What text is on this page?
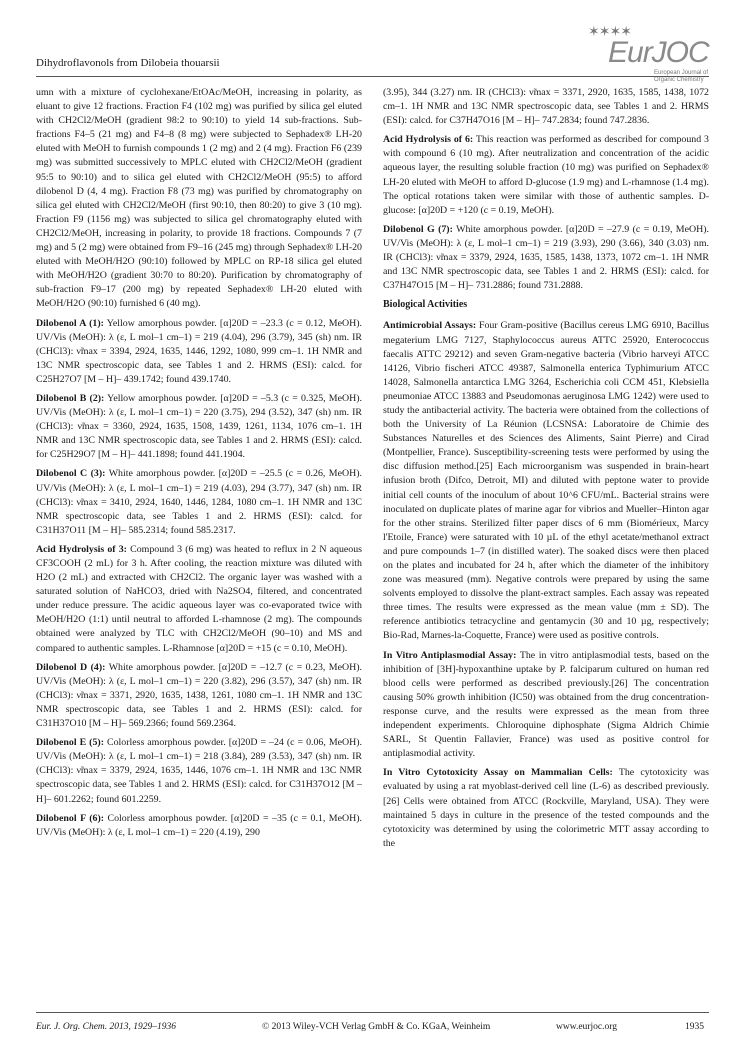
Dihydroflavonols from Dilobeia thouarsii
✶✶✶✶
EurJOC
European Journal of Organic Chemistry

umn with a mixture of cyclohexane/EtOAc/MeOH, increasing in polarity, as eluant to give 12 fractions. Fraction F4 (102 mg) was purified by silica gel eluted with CH2Cl2/MeOH (gradient 98:2 to 90:10) to yield 14 sub-fractions. Sub-fractions F4–5 (21 mg) and F4–8 (8 mg) were subjected to Sephadex® LH-20 eluted with MeOH to furnish compounds 1 (2 mg) and 2 (4 mg). Fraction F6 (239 mg) was submitted successively to MPLC eluted with CH2Cl2/MeOH (gradient 95:5 to 90:10) and to silica gel eluted with CH2Cl2/MeOH (95:5) to afford dilobenol D (4, 4 mg). Fraction F8 (73 mg) was purified by chromatography on silica gel eluted with CH2Cl2/MeOH (first 90:10, then 80:20) to give 3 (10 mg). Fraction F9 (1156 mg) was subjected to silica gel chromatography eluted with CH2Cl2/MeOH, increasing in polarity, to provide 18 fractions. Compounds 7 (7 mg) and 5 (2 mg) were obtained from F9–16 (245 mg) through Sephadex® LH-20 eluted with MeOH/H2O (90:10) followed by MPLC on RP-18 silica gel eluted with MeOH/H2O (gradient 30:70 to 80:20). Purification by chromatography of sub-fraction F9–17 (200 mg) by repeated Sephadex® LH-20 eluted with MeOH/H2O (90:10) furnished 6 (40 mg).

Dilobenol A (1): Yellow amorphous powder. [α]20D = –23.3 (c = 0.12, MeOH). UV/Vis (MeOH): λ (ε, L mol–1 cm–1) = 219 (4.04), 296 (3.79), 345 (sh) nm. IR (CHCl3): ν̃max = 3394, 2924, 1635, 1446, 1292, 1080, 999 cm–1. 1H NMR and 13C NMR spectroscopic data, see Tables 1 and 2. HRMS (ESI): calcd. for C25H27O7 [M – H]– 439.1742; found 439.1740.

Dilobenol B (2): Yellow amorphous powder. [α]20D = –5.3 (c = 0.325, MeOH). UV/Vis (MeOH): λ (ε, L mol–1 cm–1) = 220 (3.75), 294 (3.52), 347 (sh) nm. IR (CHCl3): ν̃max = 3360, 2924, 1635, 1508, 1439, 1261, 1134, 1076 cm–1. 1H NMR and 13C NMR spectroscopic data, see Tables 1 and 2. HRMS (ESI): calcd. for C25H29O7 [M – H]– 441.1898; found 441.1904.

Dilobenol C (3): White amorphous powder. [α]20D = –25.5 (c = 0.26, MeOH). UV/Vis (MeOH): λ (ε, L mol–1 cm–1) = 219 (4.03), 294 (3.77), 347 (sh) nm. IR (CHCl3): ν̃max = 3410, 2924, 1640, 1446, 1284, 1080 cm–1. 1H NMR and 13C NMR spectroscopic data, see Tables 1 and 2. HRMS (ESI): calcd. for C31H37O11 [M – H]– 585.2314; found 585.2317.

Acid Hydrolysis of 3: Compound 3 (6 mg) was heated to reflux in 2 N aqueous CF3COOH (2 mL) for 3 h. After cooling, the reaction mixture was diluted with H2O (2 mL) and extracted with CH2Cl2. The organic layer was washed with a saturated solution of NaHCO3, dried with Na2SO4, filtered, and concentrated under reduce pressure. The acidic aqueous layer was co-evaporated twice with MeOH/H2O (1:1) until neutral to afforded L-rhamnose (2 mg). The compounds obtained were analyzed by TLC with CH2Cl2/MeOH (90–10) and MS and compared to authentic samples. L-Rhamnose [α]20D = +15 (c = 0.10, MeOH).

Dilobenol D (4): White amorphous powder. [α]20D = –12.7 (c = 0.23, MeOH). UV/Vis (MeOH): λ (ε, L mol–1 cm–1) = 220 (3.82), 296 (3.57), 347 (sh) nm. IR (CHCl3): ν̃max = 3371, 2920, 1635, 1438, 1261, 1080 cm–1. 1H NMR and 13C NMR spectroscopic data, see Tables 1 and 2. HRMS (ESI): calcd. for C31H37O10 [M – H]– 569.2366; found 569.2364.

Dilobenol E (5): Colorless amorphous powder. [α]20D = –24 (c = 0.06, MeOH). UV/Vis (MeOH): λ (ε, L mol–1 cm–1) = 218 (3.84), 289 (3.53), 347 (sh) nm. IR (CHCl3): ν̃max = 3379, 2924, 1635, 1446, 1076 cm–1. 1H NMR and 13C NMR spectroscopic data, see Tables 1 and 2. HRMS (ESI): calcd. for C31H37O12 [M – H]– 601.2262; found 601.2259.

Dilobenol F (6): Colorless amorphous powder. [α]20D = –35 (c = 0.1, MeOH). UV/Vis (MeOH): λ (ε, L mol–1 cm–1) = 220 (4.19), 290

(3.95), 344 (3.27) nm. IR (CHCl3): ν̃max = 3371, 2920, 1635, 1585, 1438, 1072 cm–1. 1H NMR and 13C NMR spectroscopic data, see Tables 1 and 2. HRMS (ESI): calcd. for C37H47O16 [M – H]– 747.2834; found 747.2836.

Acid Hydrolysis of 6: This reaction was performed as described for compound 3 with compound 6 (10 mg). After neutralization and concentration of the acidic aqueous layer, the resulting soluble fraction (10 mg) was purified on Sephadex® LH-20 eluted with MeOH to afford D-glucose (1.9 mg) and L-rhamnose (1.4 mg). The optical rotations taken were similar with those of authentic samples. D-glucose: [α]20D = +120 (c = 0.19, MeOH).

Dilobenol G (7): White amorphous powder. [α]20D = –27.9 (c = 0.19, MeOH). UV/Vis (MeOH): λ (ε, L mol–1 cm–1) = 219 (3.93), 290 (3.66), 340 (3.03) nm. IR (CHCl3): ν̃max = 3379, 2924, 1635, 1585, 1438, 1373, 1072 cm–1. 1H NMR and 13C NMR spectroscopic data, see Tables 1 and 2. HRMS (ESI): calcd. for C37H47O15 [M – H]– 731.2886; found 731.2888.

Biological Activities

Antimicrobial Assays: Four Gram-positive (Bacillus cereus LMG 6910, Bacillus megaterium LMG 7127, Staphylococcus aureus ATTC 25920, Enterococcus faecalis ATTC 29212) and seven Gram-negative bacteria (Vibrio harveyi ATCC 14126, Vibrio fischeri ATCC 49387, Salmonella enterica Typhimurium ATCC 14028, Salmonella antarctica LMG 3264, Escherichia coli CCM 451, Klebsiella pneumoniae ATCC 13883 and Pseudomonas aeruginosa LMG 1242) were used to study the antibacterial activity. The bacteria were obtained from the collections of both the University of La Réunion (LCSNSA: Laboratoire de Chimie des Substances Naturelles et des Sciences des Aliments, Saint Pierre) and Cirad (Montpellier, France). Susceptibility-screening tests were performed by using the disc diffusion method.[25] Each microorganism was suspended in brain-heart infusion broth (Difco, Detroit, MI) and diluted with peptone water to provide initial cell counts of the inoculum of about 10^6 CFU/mL. Bacterial strains were inoculated on duplicate plates of marine agar for vibrios and Mueller–Hinton agar for the other strains. Sterilized filter paper discs of 6 mm (Biomérieux, Marcy l'Etoile, France) were saturated with 10 µL of the ethyl acetate/methanol extract and pure compounds 1–7 (in distilled water). The soaked discs were then placed on the plates and incubated for 24 h, after which the diameter of the inhibitory zone was measured (mm). Negative controls were prepared by using the same solvents employed to dissolve the plant-extract samples. Each assay was repeated three times. The results were expressed as the mean value (mm ± SD). The reference antibiotics tetracycline and gentamycin (30 and 10 µg, respectively; Bio-Rad, Marnes-la-Coquette, France) were used as positive controls.

In Vitro Antiplasmodial Assay: The in vitro antiplasmodial tests, based on the inhibition of [3H]-hypoxanthine uptake by P. falciparum cultured on human red blood cells were performed as described previously.[26] The concentration causing 50% growth inhibition (IC50) was obtained from the drug concentration-response curve, and the results were expressed as the mean from three independent experiments. Chloroquine diphosphate (Sigma Aldrich Chimie SARL, St Quentin Fallavier, France) was used as positive control for antiplasmodial activity.

In Vitro Cytotoxicity Assay on Mammalian Cells: The cytotoxicity was evaluated by using a rat myoblast-derived cell line (L-6) as described previously.[26] Cells were obtained from ATCC (Rockville, Maryland, USA). They were maintained 5 days in culture in the presence of the tested compounds and the cytotoxicity was determined by using the colorimetric MTT assay according to the

Eur. J. Org. Chem. 2013, 1929–1936	© 2013 Wiley-VCH Verlag GmbH & Co. KGaA, Weinheim	www.eurjoc.org	1935
